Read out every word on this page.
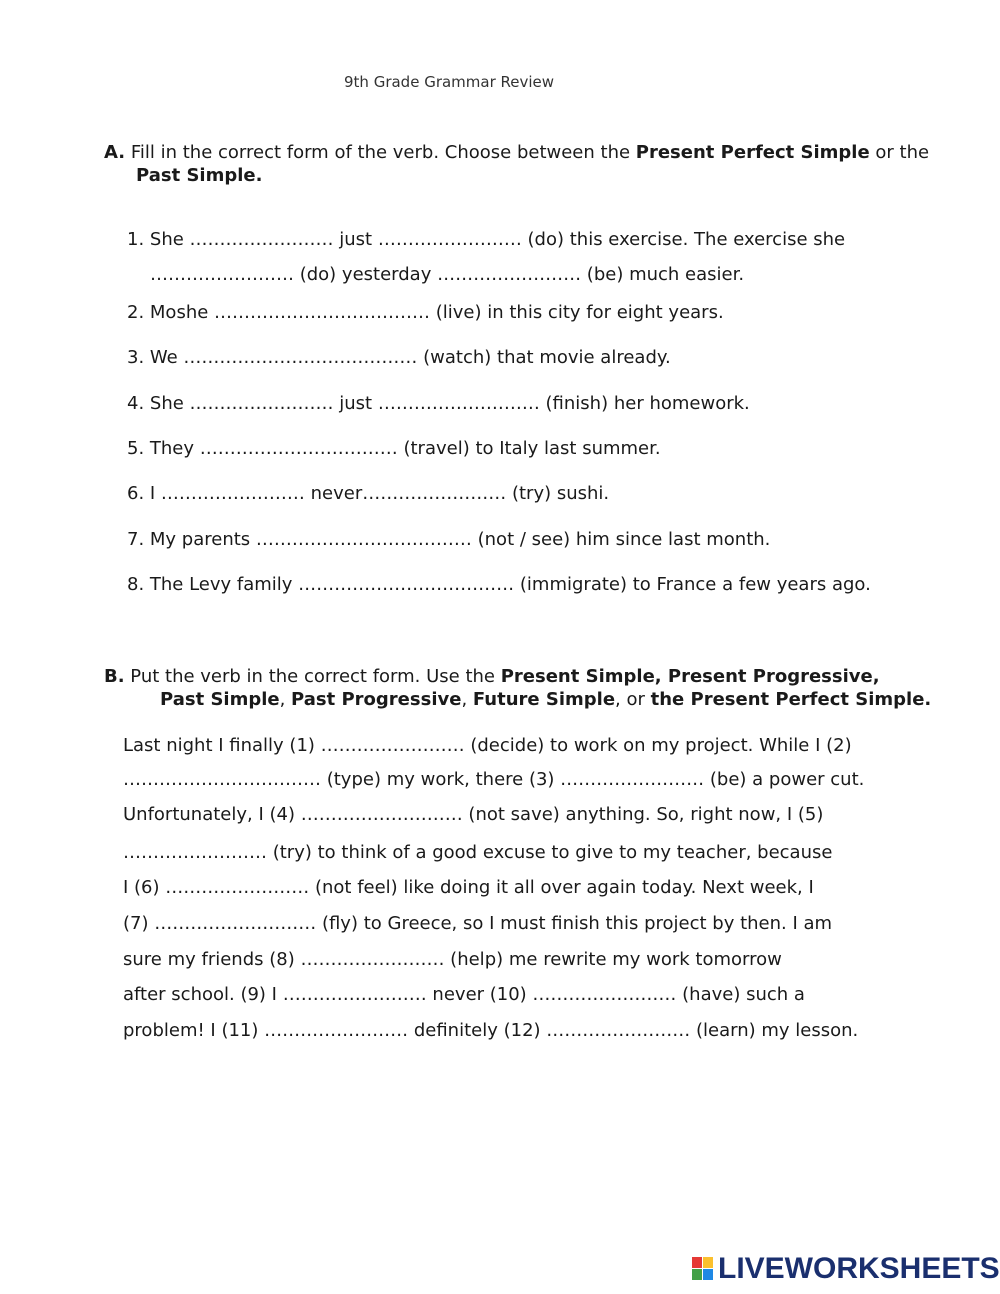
9th Grade Grammar Review
A. Fill in the correct form of the verb. Choose between the Present Perfect Simple or the
Past Simple.
1. She …………………… just …………………… (do) this exercise. The exercise she
…………………… (do) yesterday …………………… (be) much easier.
2. Moshe ……………………………… (live) in this city for eight years.
3. We ………………………………… (watch) that movie already.
4. She …………………… just ……………………… (finish) her homework.
5. They …………………………… (travel) to Italy last summer.
6. I …………………… never…………………… (try) sushi.
7. My parents ……………………………… (not / see) him since last month.
8. The Levy family ……………………………… (immigrate) to France a few years ago.
B. Put the verb in the correct form. Use the Present Simple, Present Progressive,
Past Simple, Past Progressive, Future Simple, or the Present Perfect Simple.
Last night I finally (1) …………………… (decide) to work on my project. While I (2)
…………………………… (type) my work, there (3) …………………… (be) a power cut.
Unfortunately, I (4) ……………………… (not save) anything. So, right now, I (5)
…………………… (try) to think of a good excuse to give to my teacher, because
I (6) …………………… (not feel) like doing it all over again today. Next week, I
(7) ……………………… (fly) to Greece, so I must finish this project by then. I am
sure my friends (8) …………………… (help) me rewrite my work tomorrow
after school. (9) I …………………… never (10) …………………… (have) such a
problem! I (11) …………………… definitely (12) …………………… (learn) my lesson.
LIVEWORKSHEETS
